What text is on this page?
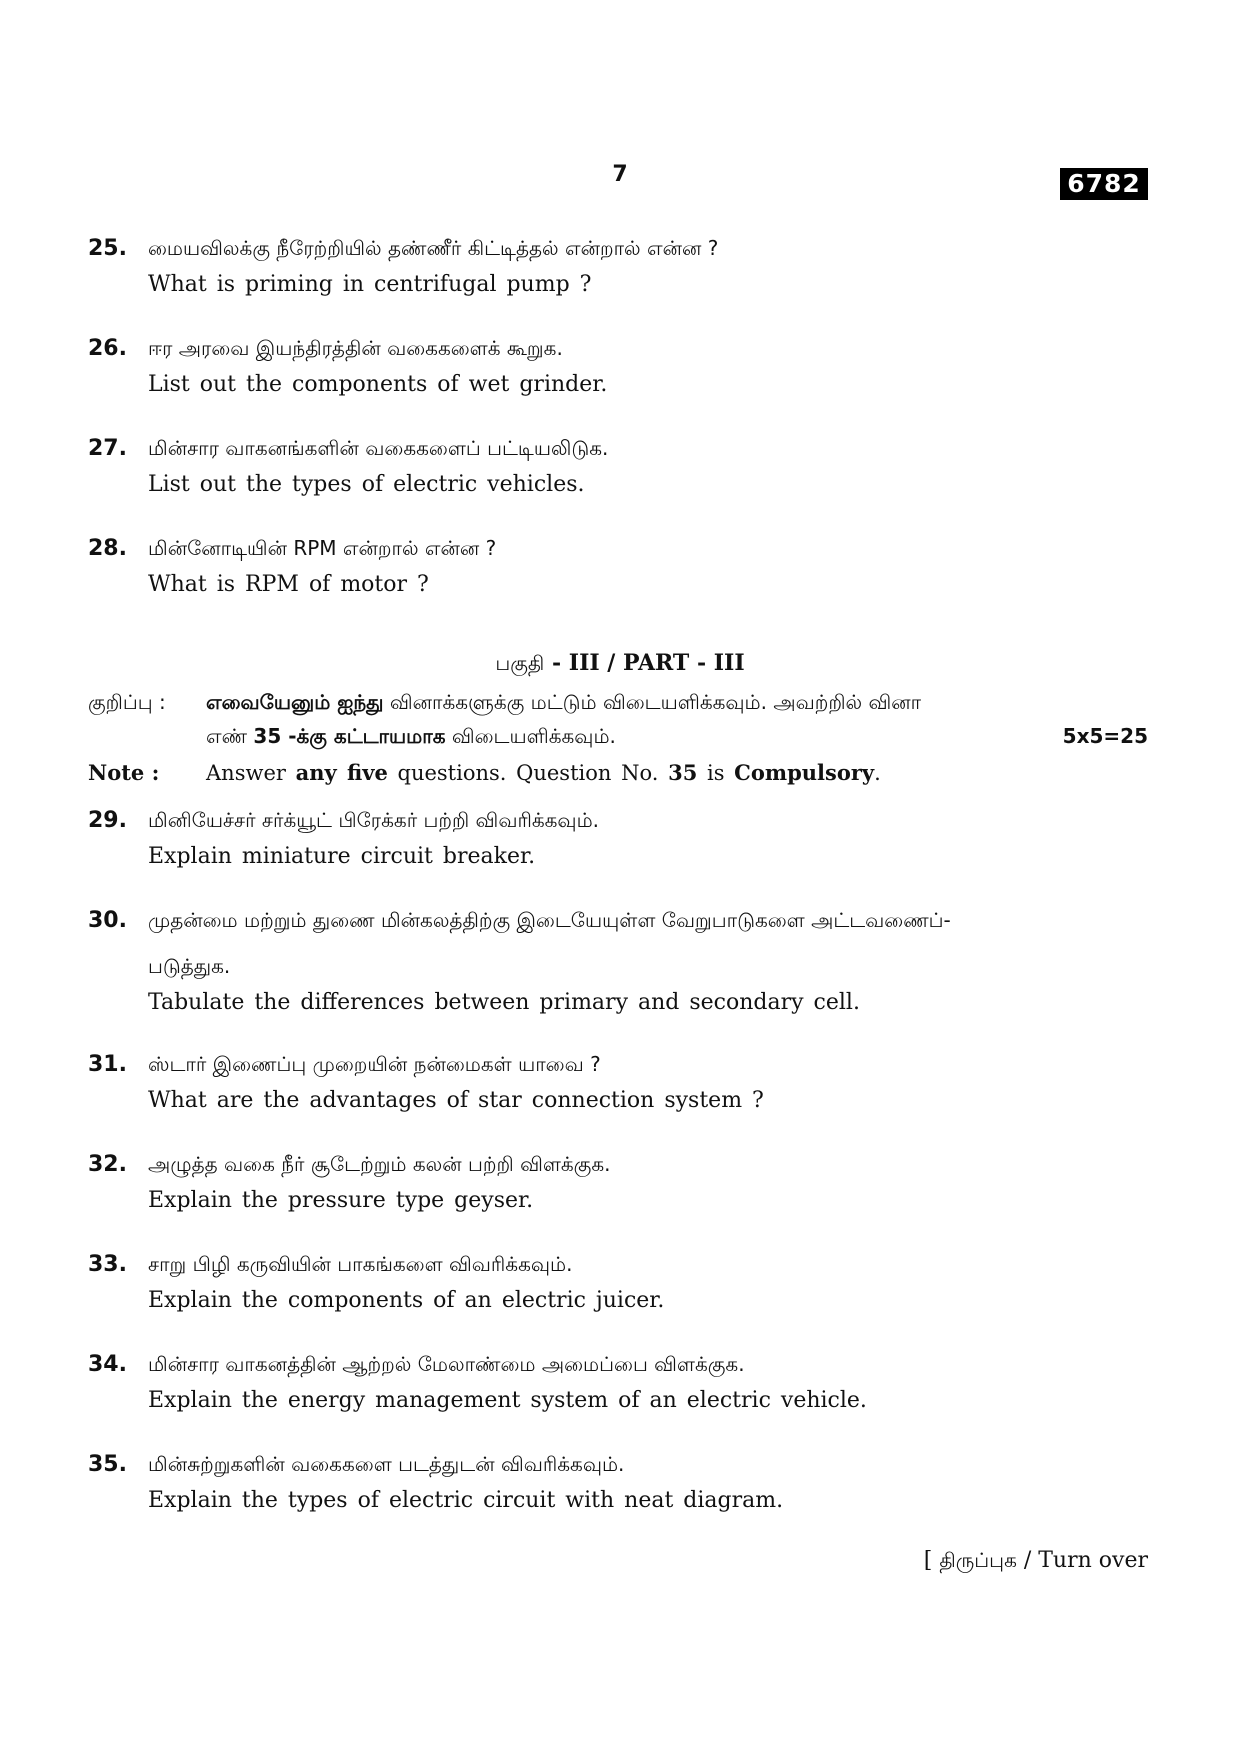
7	6782
25. மையவிலக்கு நீரேற்றியில் தண்ணீர் கிட்டித்தல் என்றால் என்ன ?
What is priming in centrifugal pump ?
26. ஈர அரவை இயந்திரத்தின் வகைகளைக் கூறுக.
List out the components of wet grinder.
27. மின்சார வாகனங்களின் வகைகளைப் பட்டியலிடுக.
List out the types of electric vehicles.
28. மின்னோடியின் RPM என்றால் என்ன ?
What is RPM of motor ?
பகுதி - III / PART - III
குறிப்பு : எவையேனும் ஐந்து வினாக்களுக்கு மட்டும் விடையளிக்கவும். அவற்றில் வினா
எண் 35 -க்கு கட்டாயமாக விடையளிக்கவும்.	5x5=25
Note : Answer any five questions. Question No. 35 is Compulsory.
29. மினியேச்சர் சர்க்யூட் பிரேக்கர் பற்றி விவரிக்கவும்.
Explain miniature circuit breaker.
30. முதன்மை மற்றும் துணை மின்கலத்திற்கு இடையேயுள்ள வேறுபாடுகளை அட்டவணைப்-
படுத்துக.
Tabulate the differences between primary and secondary cell.
31. ஸ்டார் இணைப்பு முறையின் நன்மைகள் யாவை ?
What are the advantages of star connection system ?
32. அழுத்த வகை நீர் சூடேற்றும் கலன் பற்றி விளக்குக.
Explain the pressure type geyser.
33. சாறு பிழி கருவியின் பாகங்களை விவரிக்கவும்.
Explain the components of an electric juicer.
34. மின்சார வாகனத்தின் ஆற்றல் மேலாண்மை அமைப்பை விளக்குக.
Explain the energy management system of an electric vehicle.
35. மின்சுற்றுகளின் வகைகளை படத்துடன் விவரிக்கவும்.
Explain the types of electric circuit with neat diagram.
[ திருப்புக / Turn over
